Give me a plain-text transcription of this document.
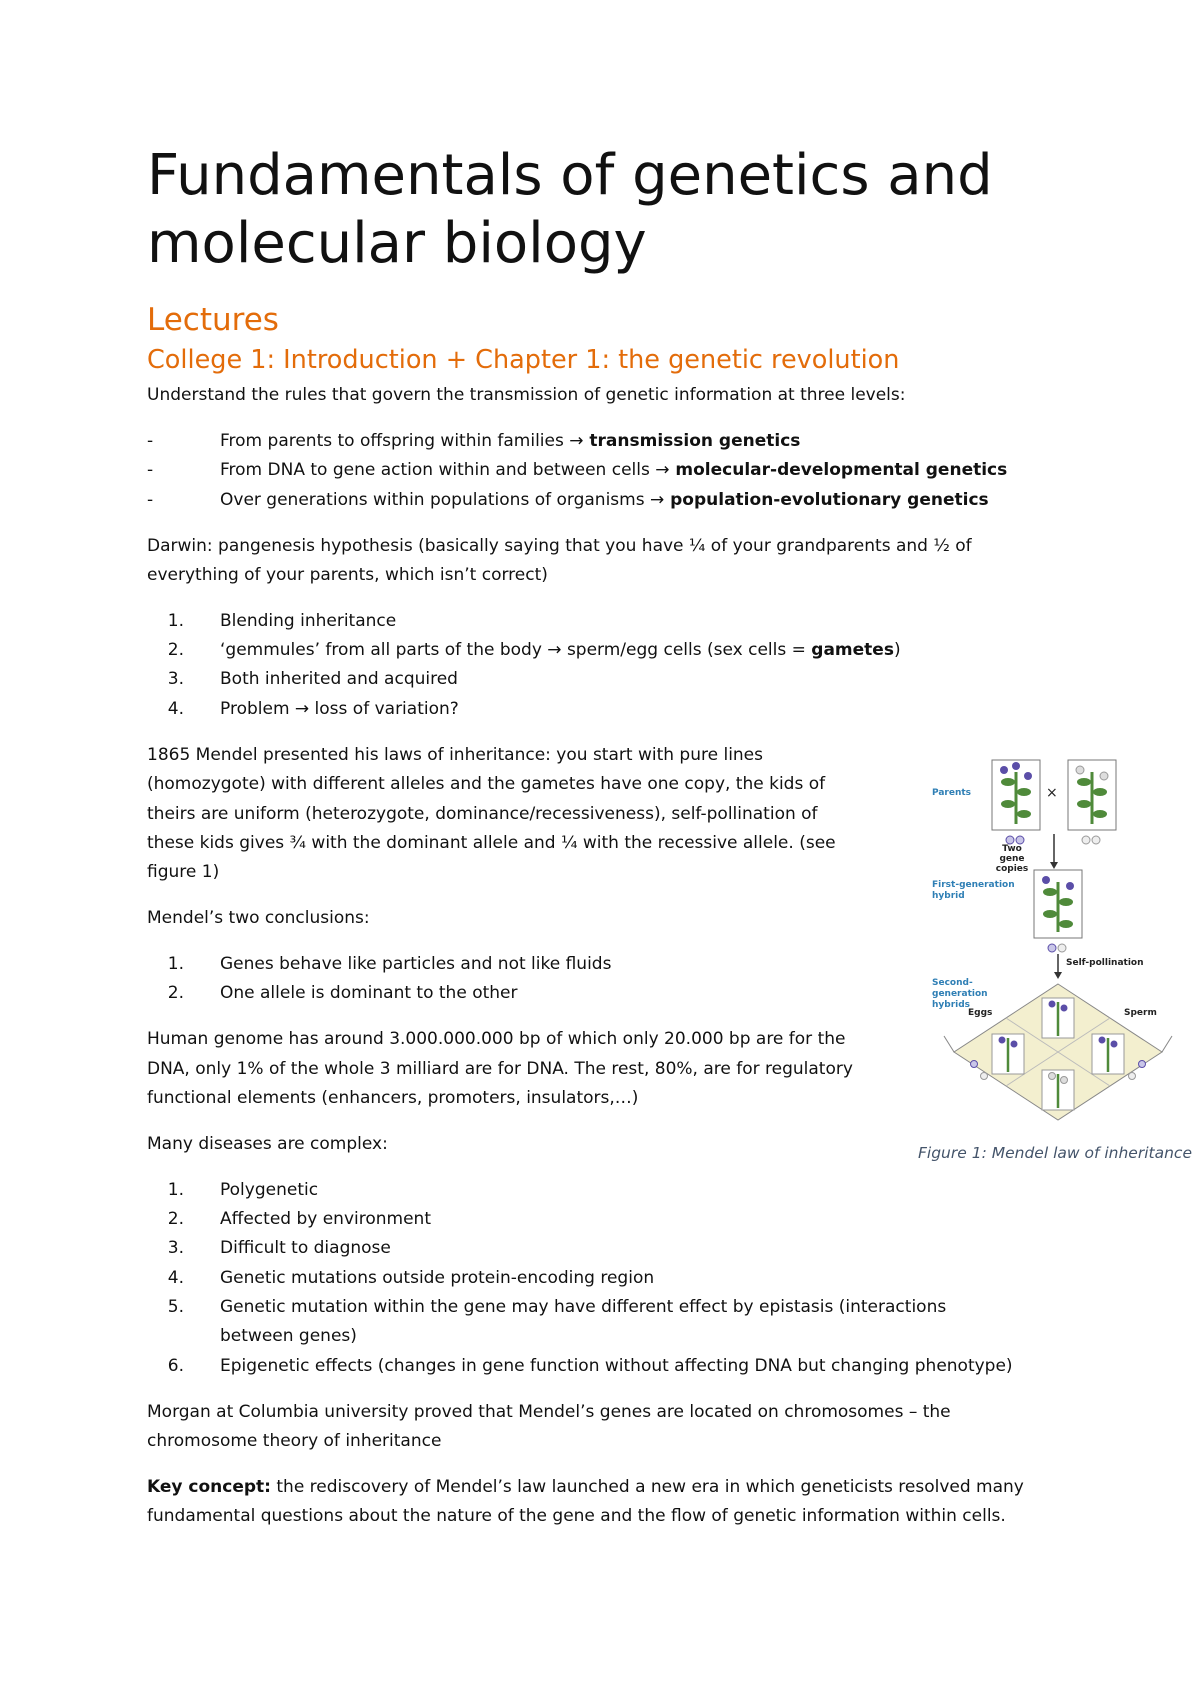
Fundamentals of genetics and molecular biology
Lectures
College 1: Introduction + Chapter 1: the genetic revolution

Understand the rules that govern the transmission of genetic information at three levels:

-	From parents to offspring within families → transmission genetics
-	From DNA to gene action within and between cells → molecular-developmental genetics
-	Over generations within populations of organisms → population-evolutionary genetics

Darwin: pangenesis hypothesis (basically saying that you have ¼ of your grandparents and ½ of

everything of your parents, which isn’t correct)

1. Blending inheritance
2. ‘gemmules’ from all parts of the body → sperm/egg cells (sex cells = gametes)
3. Both inherited and acquired
4. Problem → loss of variation?

1865 Mendel presented his laws of inheritance: you start with pure lines

(homozygote) with different alleles and the gametes have one copy, the kids of

theirs are uniform (heterozygote, dominance/recessiveness), self-pollination of

these kids gives ¾ with the dominant allele and ¼ with the recessive allele. (see

figure 1)

Mendel’s two conclusions:

1. Genes behave like particles and not like fluids
2. One allele is dominant to the other

Human genome has around 3.000.000.000 bp of which only 20.000 bp are for the

DNA, only 1% of the whole 3 milliard are for DNA. The rest, 80%, are for regulatory

functional elements (enhancers, promoters, insulators,…)

Many diseases are complex:

1. Polygenetic
2. Affected by environment
3. Difficult to diagnose
4. Genetic mutations outside protein-encoding region
5. Genetic mutation within the gene may have different effect by epistasis (interactions between genes)
6. Epigenetic effects (changes in gene function without affecting DNA but changing phenotype)

Morgan at Columbia university proved that Mendel’s genes are located on chromosomes – the

chromosome theory of inheritance

Key concept: the rediscovery of Mendel’s law launched a new era in which geneticists resolved many

fundamental questions about the nature of the gene and the flow of genetic information within cells.

Parents	×
Two gene copies
First-generation hybrid
Self-pollination
Second-generation hybrids
Eggs	Sperm
Figure 1: Mendel law of inheritance
